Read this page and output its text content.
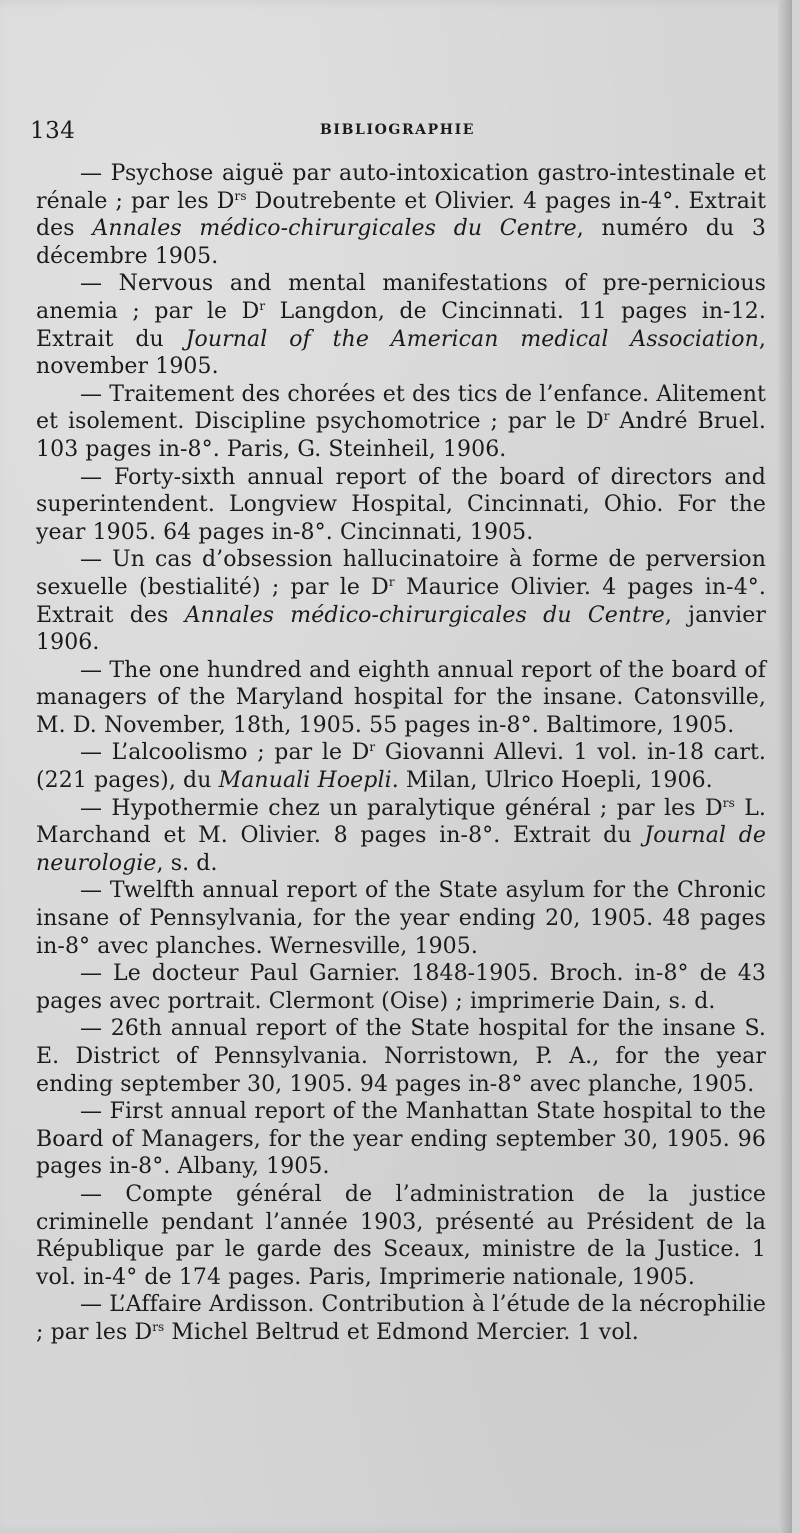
134	BIBLIOGRAPHIE

— Psychose aiguë par auto-intoxication gastro-intestinale et rénale ; par les $D^{rs}$ Doutrebente et Olivier. 4 pages in-4°. Extrait des Annales médico-chirurgicales du Centre, numéro du 3 décembre 1905.

— Nervous and mental manifestations of pre-pernicious anemia ; par le $D^r$ Langdon, de Cincinnati. 11 pages in-12. Extrait du Journal of the American medical Association, november 1905.

— Traitement des chorées et des tics de l’enfance. Alitement et isolement. Discipline psychomotrice ; par le $D^r$ André Bruel. 103 pages in-8°. Paris, G. Steinheil, 1906.

— Forty-sixth annual report of the board of directors and superintendent. Longview Hospital, Cincinnati, Ohio. For the year 1905. 64 pages in-8°. Cincinnati, 1905.

— Un cas d’obsession hallucinatoire à forme de perversion sexuelle (bestialité) ; par le $D^r$ Maurice Olivier. 4 pages in-4°. Extrait des Annales médico-chirurgicales du Centre, janvier 1906.

— The one hundred and eighth annual report of the board of managers of the Maryland hospital for the insane. Catonsville, M. D. November, 18th, 1905. 55 pages in-8°. Baltimore, 1905.

— L’alcoolismo ; par le $D^r$ Giovanni Allevi. 1 vol. in-18 cart. (221 pages), du Manuali Hoepli. Milan, Ulrico Hoepli, 1906.

— Hypothermie chez un paralytique général ; par les $D^{rs}$ L. Marchand et M. Olivier. 8 pages in-8°. Extrait du Journal de neurologie, s. d.

— Twelfth annual report of the State asylum for the Chronic insane of Pennsylvania, for the year ending 20, 1905. 48 pages in-8° avec planches. Wernesville, 1905.

— Le docteur Paul Garnier. 1848-1905. Broch. in-8° de 43 pages avec portrait. Clermont (Oise) ; imprimerie Dain, s. d.

— 26th annual report of the State hospital for the insane S. E. District of Pennsylvania. Norristown, P. A., for the year ending september 30, 1905. 94 pages in-8° avec planche, 1905.

— First annual report of the Manhattan State hospital to the Board of Managers, for the year ending september 30, 1905. 96 pages in-8°. Albany, 1905.

— Compte général de l’administration de la justice criminelle pendant l’année 1903, présenté au Président de la République par le garde des Sceaux, ministre de la Justice. 1 vol. in-4° de 174 pages. Paris, Imprimerie nationale, 1905.

— L’Affaire Ardisson. Contribution à l’étude de la nécrophilie ; par les $D^{rs}$ Michel Beltrud et Edmond Mercier. 1 vol.
